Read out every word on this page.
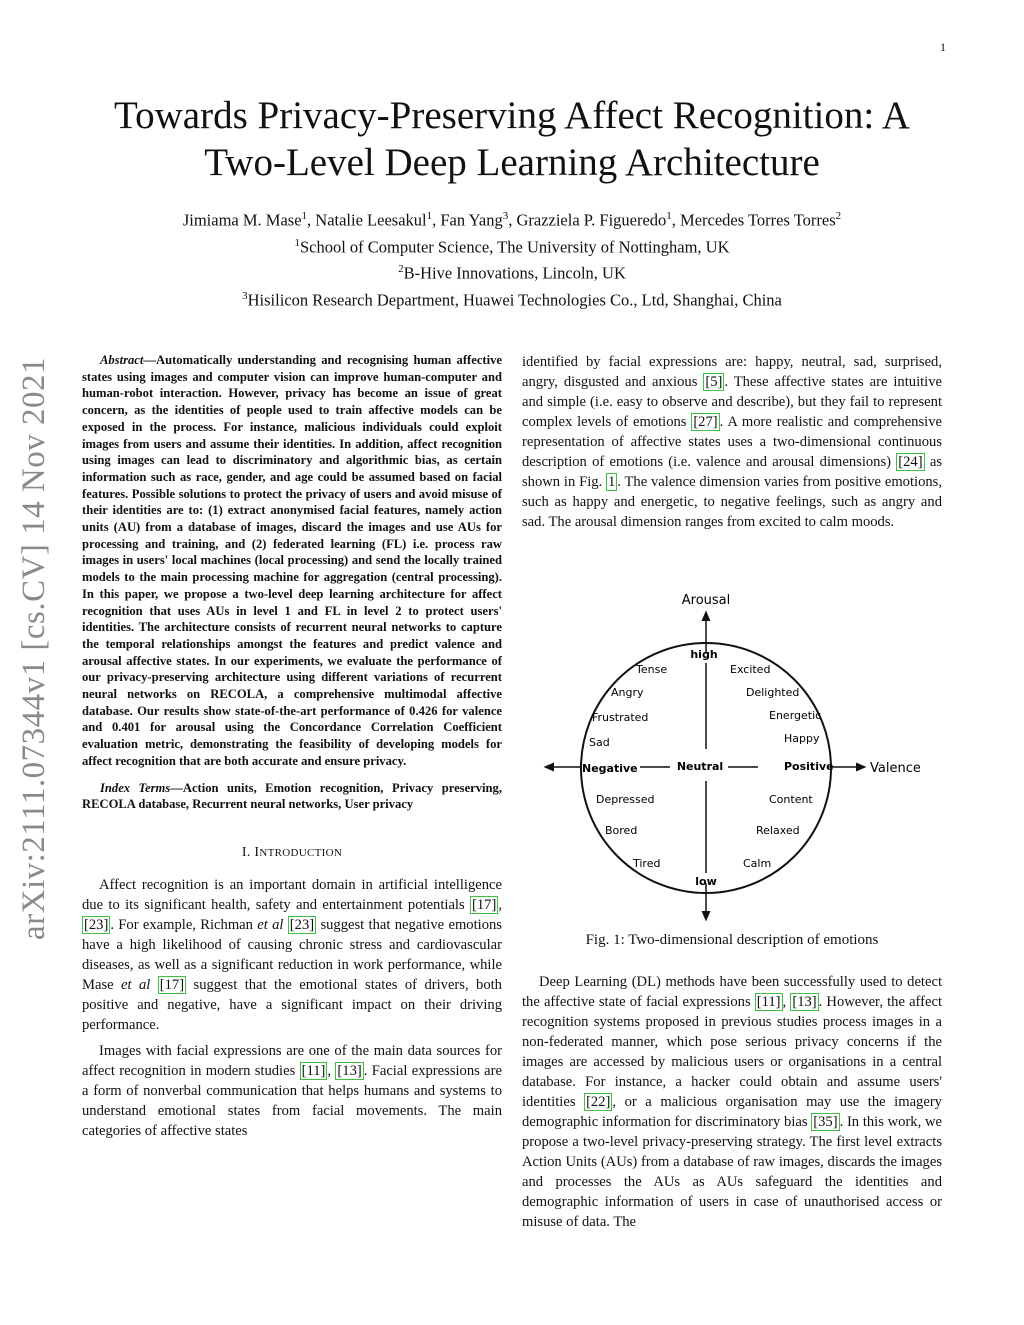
1
arXiv:2111.07344v1 [cs.CV] 14 Nov 2021
Towards Privacy-Preserving Affect Recognition: A
Two-Level Deep Learning Architecture
Jimiama M. Mase$^1$, Natalie Leesakul$^1$, Fan Yang$^3$, Grazziela P. Figueredo$^1$, Mercedes Torres Torres$^2$
$^1$School of Computer Science, The University of Nottingham, UK
$^2$B-Hive Innovations, Lincoln, UK
$^3$Hisilicon Research Department, Huawei Technologies Co., Ltd, Shanghai, China

Abstract—Automatically understanding and recognising human affective states using images and computer vision can improve human-computer and human-robot interaction. However, privacy has become an issue of great concern, as the identities of people used to train affective models can be exposed in the process. For instance, malicious individuals could exploit images from users and assume their identities. In addition, affect recognition using images can lead to discriminatory and algorithmic bias, as certain information such as race, gender, and age could be assumed based on facial features. Possible solutions to protect the privacy of users and avoid misuse of their identities are to: (1) extract anonymised facial features, namely action units (AU) from a database of images, discard the images and use AUs for processing and training, and (2) federated learning (FL) i.e. process raw images in users' local machines (local processing) and send the locally trained models to the main processing machine for aggregation (central processing). In this paper, we propose a two-level deep learning architecture for affect recognition that uses AUs in level 1 and FL in level 2 to protect users' identities. The architecture consists of recurrent neural networks to capture the temporal relationships amongst the features and predict valence and arousal affective states. In our experiments, we evaluate the performance of our privacy-preserving architecture using different variations of recurrent neural networks on RECOLA, a comprehensive multimodal affective database. Our results show state-of-the-art performance of 0.426 for valence and 0.401 for arousal using the Concordance Correlation Coefficient evaluation metric, demonstrating the feasibility of developing models for affect recognition that are both accurate and ensure privacy.

Index Terms—Action units, Emotion recognition, Privacy preserving, RECOLA database, Recurrent neural networks, User privacy

I. INTRODUCTION

Affect recognition is an important domain in artificial intelligence due to its significant health, safety and entertainment potentials [17] , [23] . For example, Richman et al [23] suggest that negative emotions have a high likelihood of causing chronic stress and cardiovascular diseases, as well as a significant reduction in work performance, while Mase et al [17] suggest that the emotional states of drivers, both positive and negative, have a significant impact on their driving performance.

Images with facial expressions are one of the main data sources for affect recognition in modern studies [11] , [13] . Facial expressions are a form of nonverbal communication that helps humans and systems to understand emotional states from facial movements. The main categories of affective states

identified by facial expressions are: happy, neutral, sad, surprised, angry, disgusted and anxious [5] . These affective states are intuitive and simple (i.e. easy to observe and describe), but they fail to represent complex levels of emotions [27] . A more realistic and comprehensive representation of affective states uses a two-dimensional continuous description of emotions (i.e. valence and arousal dimensions) [24] as shown in Fig. 1 . The valence dimension varies from positive emotions, such as happy and energetic, to negative feelings, such as angry and sad. The arousal dimension ranges from excited to calm moods.

Arousal
Valence
high
low
Negative	Neutral	Positive
Tense
Angry
Frustrated
Sad
Excited
Delighted
Energetic
Happy
Depressed
Bored
Tired
Content
Relaxed
Calm
Fig. 1: Two-dimensional description of emotions

Deep Learning (DL) methods have been successfully used to detect the affective state of facial expressions [11] , [13] . However, the affect recognition systems proposed in previous studies process images in a non-federated manner, which pose serious privacy concerns if the images are accessed by malicious users or organisations in a central database. For instance, a hacker could obtain and assume users' identities [22] , or a malicious organisation may use the imagery demographic information for discriminatory bias [35] . In this work, we propose a two-level privacy-preserving strategy. The first level extracts Action Units (AUs) from a database of raw images, discards the images and processes the AUs as AUs safeguard the identities and demographic information of users in case of unauthorised access or misuse of data. The
